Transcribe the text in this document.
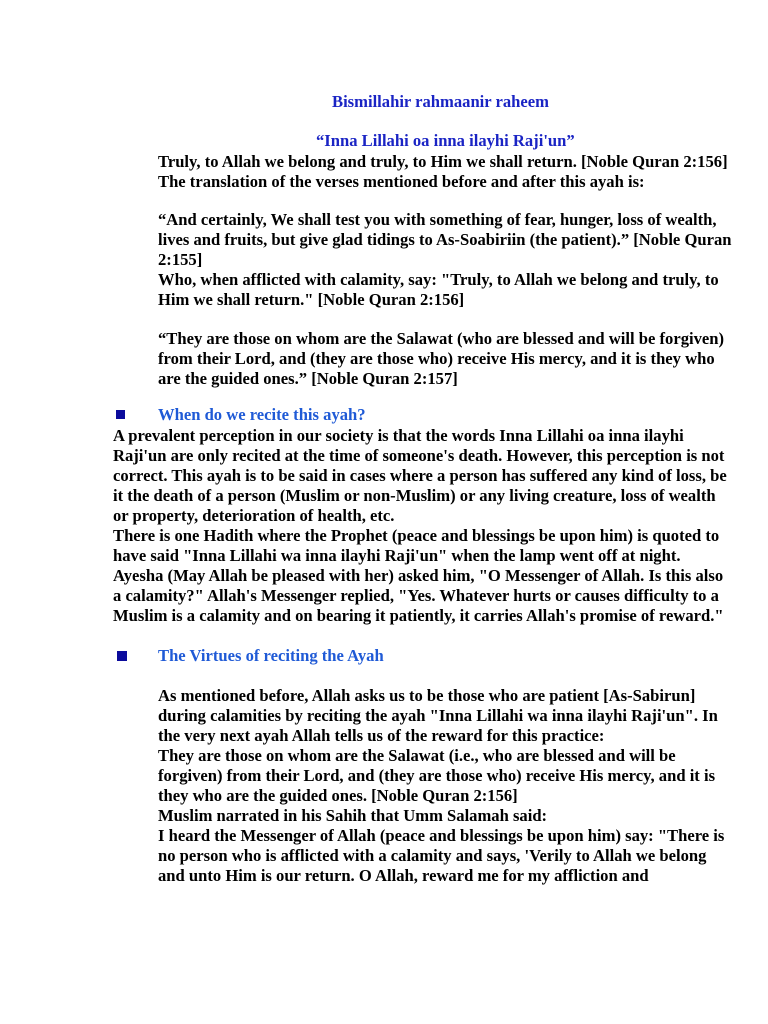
Bismillahir rahmaanir raheem
“Inna Lillahi oa inna ilayhi Raji'un”
Truly, to Allah we belong and truly, to Him we shall return. [Noble Quran 2:156]
The translation of the verses mentioned before and after this ayah is:
“And certainly, We shall test you with something of fear, hunger, loss of wealth,
lives and fruits, but give glad tidings to As-Soabiriin (the patient).” [Noble Quran
2:155]
Who, when afflicted with calamity, say: "Truly, to Allah we belong and truly, to
Him we shall return." [Noble Quran 2:156]
“They are those on whom are the Salawat (who are blessed and will be forgiven)
from their Lord, and (they are those who) receive His mercy, and it is they who
are the guided ones.” [Noble Quran 2:157]
When do we recite this ayah?
A prevalent perception in our society is that the words Inna Lillahi oa inna ilayhi
Raji'un are only recited at the time of someone's death. However, this perception is not
correct. This ayah is to be said in cases where a person has suffered any kind of loss, be
it the death of a person (Muslim or non-Muslim) or any living creature, loss of wealth
or property, deterioration of health, etc.
There is one Hadith where the Prophet (peace and blessings be upon him) is quoted to
have said "Inna Lillahi wa inna ilayhi Raji'un" when the lamp went off at night.
Ayesha (May Allah be pleased with her) asked him, "O Messenger of Allah. Is this also
a calamity?" Allah's Messenger replied, "Yes. Whatever hurts or causes difficulty to a
Muslim is a calamity and on bearing it patiently, it carries Allah's promise of reward."
The Virtues of reciting the Ayah
As mentioned before, Allah asks us to be those who are patient [As-Sabirun]
during calamities by reciting the ayah "Inna Lillahi wa inna ilayhi Raji'un". In
the very next ayah Allah tells us of the reward for this practice:
They are those on whom are the Salawat (i.e., who are blessed and will be
forgiven) from their Lord, and (they are those who) receive His mercy, and it is
they who are the guided ones. [Noble Quran 2:156]
Muslim narrated in his Sahih that Umm Salamah said:
I heard the Messenger of Allah (peace and blessings be upon him) say: "There is
no person who is afflicted with a calamity and says, 'Verily to Allah we belong
and unto Him is our return. O Allah, reward me for my affliction and
